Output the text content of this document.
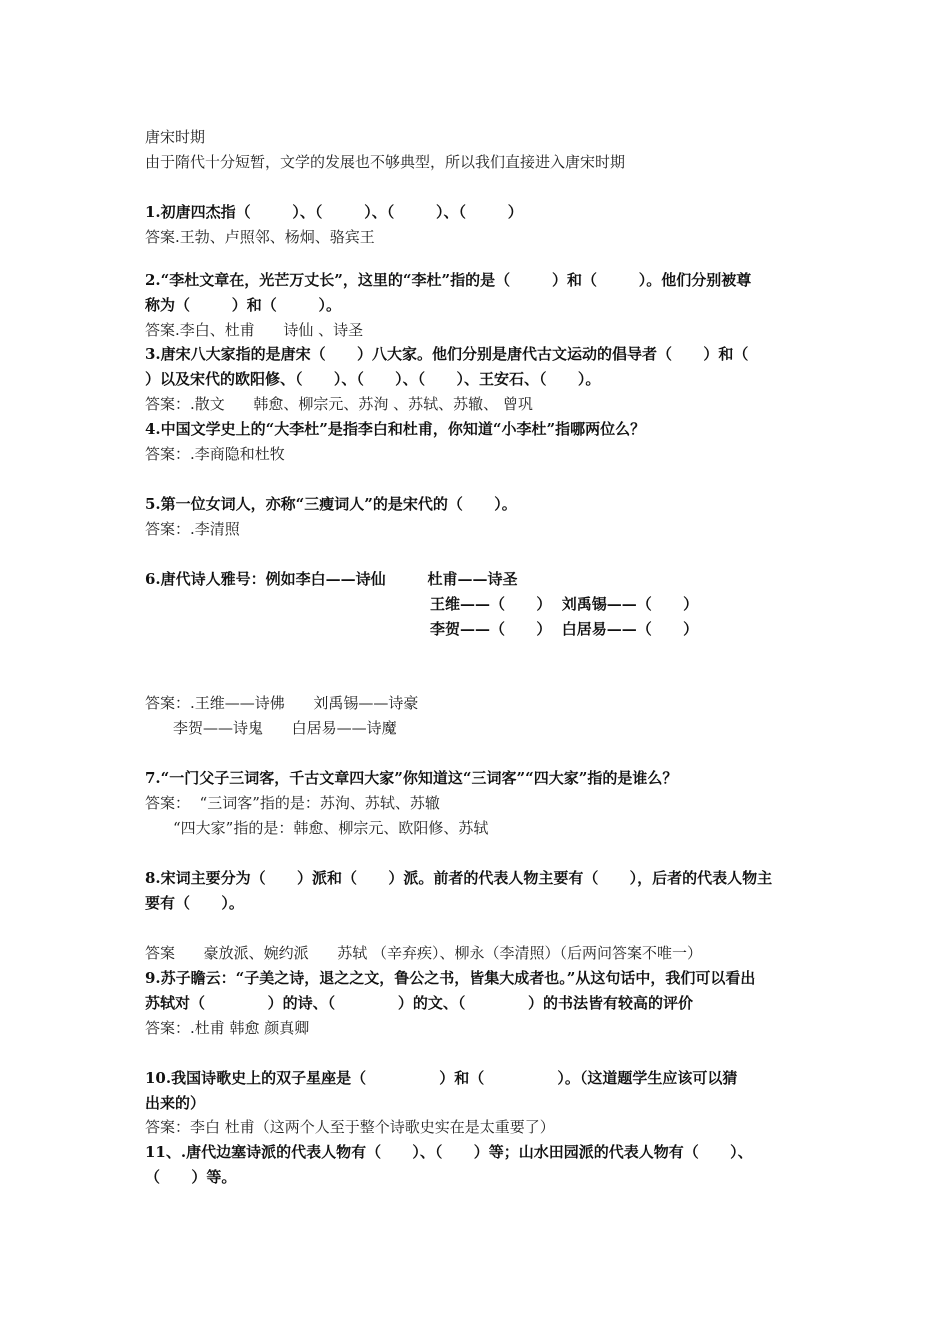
唐宋时期
由于隋代十分短暂，文学的发展也不够典型，所以我们直接进入唐宋时期
1.初唐四杰指（        ）、（        ）、（        ）、（        ）
答案.王勃、卢照邻、杨炯、骆宾王
2.“李杜文章在，光芒万丈长”，这里的“李杜”指的是（        ）和（        ）。他们分别被尊
称为（        ）和（        ）。
答案.李白、杜甫      诗仙 、诗圣
3.唐宋八大家指的是唐宋（      ）八大家。他们分别是唐代古文运动的倡导者（      ）和（
）以及宋代的欧阳修、（      ）、（      ）、（      ）、王安石、（      ）。
答案：.散文      韩愈、柳宗元、苏洵 、苏轼、苏辙、 曾巩
4.中国文学史上的“大李杜”是指李白和杜甫，你知道“小李杜”指哪两位么？
答案：.李商隐和杜牧
5.第一位女词人，亦称“三瘦词人”的是宋代的（      ）。
答案：.李清照
6.唐代诗人雅号：例如李白——诗仙        杜甫——诗圣
王维——（      ）  刘禹锡——（      ）
李贺——（      ）  白居易——（      ）
答案：.王维——诗佛      刘禹锡——诗豪
李贺——诗鬼      白居易——诗魔
7.“一门父子三词客，千古文章四大家”你知道这“三词客”“四大家”指的是谁么？
答案：  “三词客”指的是：苏洵、苏轼、苏辙
“四大家”指的是：韩愈、柳宗元、欧阳修、苏轼
8.宋词主要分为（      ）派和（      ）派。前者的代表人物主要有（      ），后者的代表人物主
要有（      ）。
答案      豪放派、婉约派      苏轼 （辛弃疾）、柳永（李清照）（后两问答案不唯一）
9.苏子瞻云：“子美之诗，退之之文，鲁公之书，皆集大成者也。”从这句话中，我们可以看出
苏轼对（            ）的诗、（            ）的文、（            ）的书法皆有较高的评价
答案：.杜甫 韩愈 颜真卿
10.我国诗歌史上的双子星座是（              ）和（              ）。（这道题学生应该可以猜
出来的）
答案：李白 杜甫（这两个人至于整个诗歌史实在是太重要了）
11、.唐代边塞诗派的代表人物有（      ）、（      ）等；山水田园派的代表人物有（      ）、
（      ）等。
